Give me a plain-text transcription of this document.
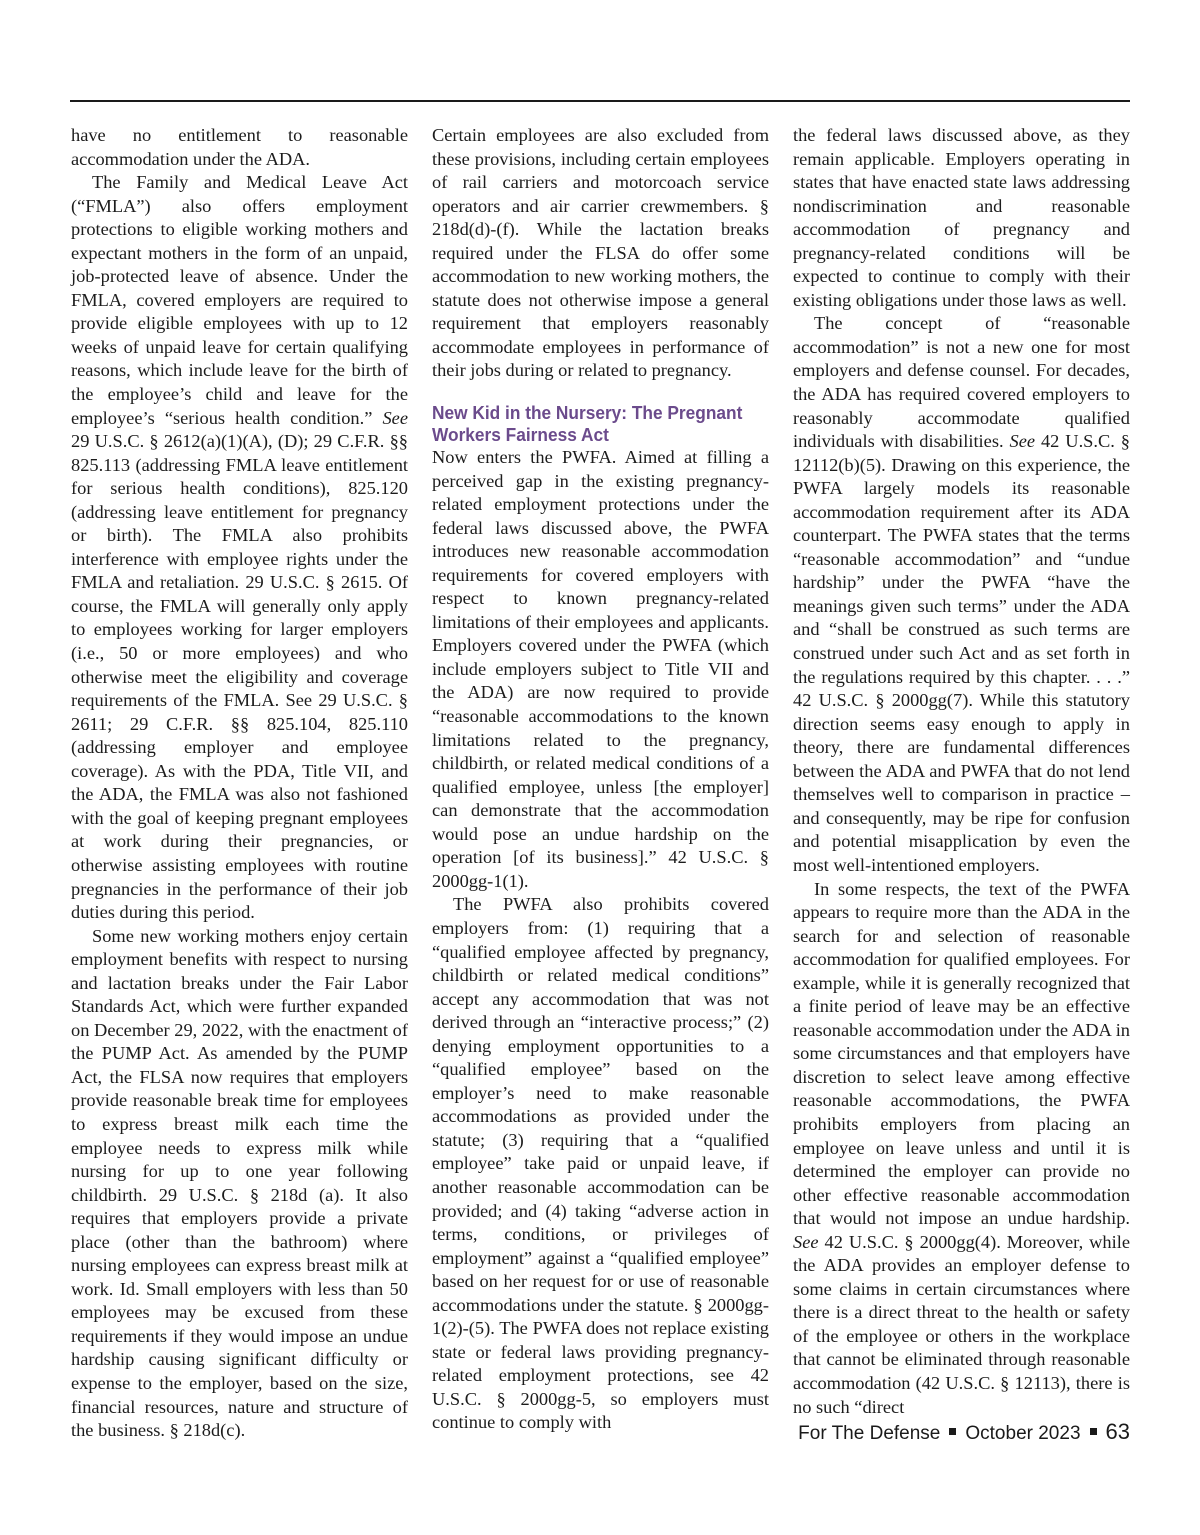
have no entitlement to reasonable accommodation under the ADA.

The Family and Medical Leave Act (“FMLA”) also offers employment protections to eligible working mothers and expectant mothers in the form of an unpaid, job-protected leave of absence. Under the FMLA, covered employers are required to provide eligible employees with up to 12 weeks of unpaid leave for certain qualifying reasons, which include leave for the birth of the employee’s child and leave for the employee’s “serious health condition.” See 29 U.S.C. § 2612(a)(1)(A), (D); 29 C.F.R. §§ 825.113 (addressing FMLA leave entitlement for serious health conditions), 825.120 (addressing leave entitlement for pregnancy or birth). The FMLA also prohibits interference with employee rights under the FMLA and retaliation. 29 U.S.C. § 2615. Of course, the FMLA will generally only apply to employees working for larger employers (i.e., 50 or more employees) and who otherwise meet the eligibility and coverage requirements of the FMLA. See 29 U.S.C. § 2611; 29 C.F.R. §§ 825.104, 825.110 (addressing employer and employee coverage). As with the PDA, Title VII, and the ADA, the FMLA was also not fashioned with the goal of keeping pregnant employees at work during their pregnancies, or otherwise assisting employees with routine pregnancies in the performance of their job duties during this period.

Some new working mothers enjoy certain employment benefits with respect to nursing and lactation breaks under the Fair Labor Standards Act, which were further expanded on December 29, 2022, with the enactment of the PUMP Act. As amended by the PUMP Act, the FLSA now requires that employers provide reasonable break time for employees to express breast milk each time the employee needs to express milk while nursing for up to one year following childbirth. 29 U.S.C. § 218d (a). It also requires that employers provide a private place (other than the bathroom) where nursing employees can express breast milk at work. Id. Small employers with less than 50 employees may be excused from these requirements if they would impose an undue hardship causing significant difficulty or expense to the employer, based on the size, financial resources, nature and structure of the business. § 218d(c).

Certain employees are also excluded from these provisions, including certain employees of rail carriers and motorcoach service operators and air carrier crewmembers. § 218d(d)-(f). While the lactation breaks required under the FLSA do offer some accommodation to new working mothers, the statute does not otherwise impose a general requirement that employers reasonably accommodate employees in performance of their jobs during or related to pregnancy.

New Kid in the Nursery: The Pregnant Workers Fairness Act

Now enters the PWFA. Aimed at filling a perceived gap in the existing pregnancy-related employment protections under the federal laws discussed above, the PWFA introduces new reasonable accommodation requirements for covered employers with respect to known pregnancy-related limitations of their employees and applicants. Employers covered under the PWFA (which include employers subject to Title VII and the ADA) are now required to provide “reasonable accommodations to the known limitations related to the pregnancy, childbirth, or related medical conditions of a qualified employee, unless [the employer] can demonstrate that the accommodation would pose an undue hardship on the operation [of its business].” 42 U.S.C. § 2000gg-1(1).

The PWFA also prohibits covered employers from: (1) requiring that a “qualified employee affected by pregnancy, childbirth or related medical conditions” accept any accommodation that was not derived through an “interactive process;” (2) denying employment opportunities to a “qualified employee” based on the employer’s need to make reasonable accommodations as provided under the statute; (3) requiring that a “qualified employee” take paid or unpaid leave, if another reasonable accommodation can be provided; and (4) taking “adverse action in terms, conditions, or privileges of employment” against a “qualified employee” based on her request for or use of reasonable accommodations under the statute. § 2000gg-1(2)-(5). The PWFA does not replace existing state or federal laws providing pregnancy-related employment protections, see 42 U.S.C. § 2000gg-5, so employers must continue to comply with

the federal laws discussed above, as they remain applicable. Employers operating in states that have enacted state laws addressing nondiscrimination and reasonable accommodation of pregnancy and pregnancy-related conditions will be expected to continue to comply with their existing obligations under those laws as well.

The concept of “reasonable accommodation” is not a new one for most employers and defense counsel. For decades, the ADA has required covered employers to reasonably accommodate qualified individuals with disabilities. See 42 U.S.C. § 12112(b)(5). Drawing on this experience, the PWFA largely models its reasonable accommodation requirement after its ADA counterpart. The PWFA states that the terms “reasonable accommodation” and “undue hardship” under the PWFA “have the meanings given such terms” under the ADA and “shall be construed as such terms are construed under such Act and as set forth in the regulations required by this chapter. . . .” 42 U.S.C. § 2000gg(7). While this statutory direction seems easy enough to apply in theory, there are fundamental differences between the ADA and PWFA that do not lend themselves well to comparison in practice – and consequently, may be ripe for confusion and potential misapplication by even the most well-intentioned employers.

In some respects, the text of the PWFA appears to require more than the ADA in the search for and selection of reasonable accommodation for qualified employees. For example, while it is generally recognized that a finite period of leave may be an effective reasonable accommodation under the ADA in some circumstances and that employers have discretion to select leave among effective reasonable accommodations, the PWFA prohibits employers from placing an employee on leave unless and until it is determined the employer can provide no other effective reasonable accommodation that would not impose an undue hardship. See 42 U.S.C. § 2000gg(4). Moreover, while the ADA provides an employer defense to some claims in certain circumstances where there is a direct threat to the health or safety of the employee or others in the workplace that cannot be eliminated through reasonable accommodation (42 U.S.C. § 12113), there is no such “direct

For The Defense October 2023 63
